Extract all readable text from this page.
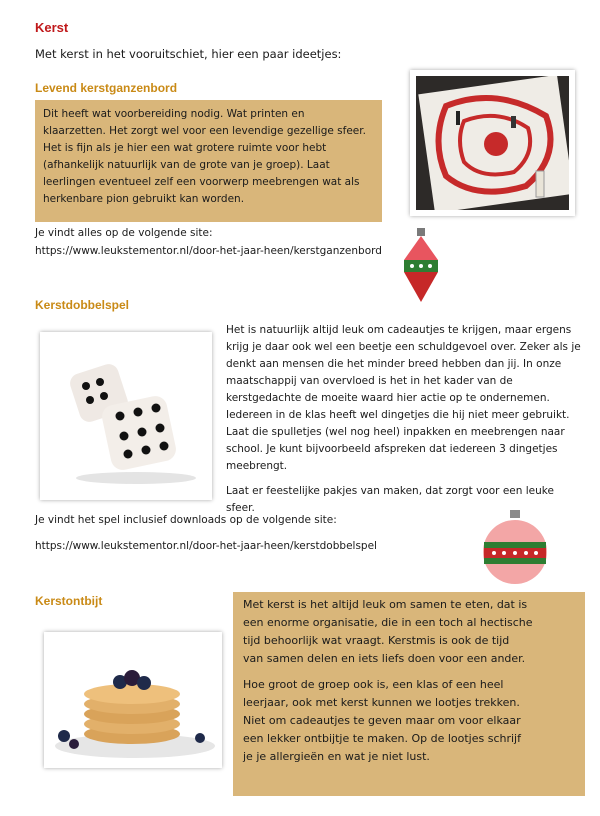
Kerst
Met kerst in het vooruitschiet, hier een paar ideetjes:
Levend kerstganzenbord

Dit heeft wat voorbereiding nodig. Wat printen en

klaarzetten. Het zorgt wel voor een levendige gezellige sfeer.

Het is fijn als je hier een wat grotere ruimte voor hebt

(afhankelijk natuurlijk van de grote van je groep). Laat

leerlingen eventueel zelf een voorwerp meebrengen wat als

herkenbare pion gebruikt kan worden.

Je vindt alles op de volgende site:
https://www.leukstementor.nl/door-het-jaar-heen/kerstganzenbord
Kerstdobbelspel

Het is natuurlijk altijd leuk om cadeautjes te krijgen, maar ergens

krijg je daar ook wel een beetje een schuldgevoel over. Zeker als je

denkt aan mensen die het minder breed hebben dan jij. In onze

maatschappij van overvloed is het in het kader van de

kerstgedachte de moeite waard hier actie op te ondernemen.

Iedereen in de klas heeft wel dingetjes die hij niet meer gebruikt.

Laat die spulletjes (wel nog heel) inpakken en meebrengen naar

school. Je kunt bijvoorbeeld afspreken dat iedereen 3 dingetjes

meebrengt.

Laat er feestelijke pakjes van maken, dat zorgt voor een leuke sfeer.

Je vindt het spel inclusief downloads op de volgende site:
https://www.leukstementor.nl/door-het-jaar-heen/kerstdobbelspel
Kerstontbijt	Met kerst is het altijd leuk om samen te eten, dat is

een enorme organisatie, die in een toch al hectische

tijd behoorlijk wat vraagt. Kerstmis is ook de tijd

van samen delen en iets liefs doen voor een ander.

Hoe groot de groep ook is, een klas of een heel

leerjaar, ook met kerst kunnen we lootjes trekken.

Niet om cadeautjes te geven maar om voor elkaar

een lekker ontbijtje te maken. Op de lootjes schrijf

je je allergieën en wat je niet lust.
